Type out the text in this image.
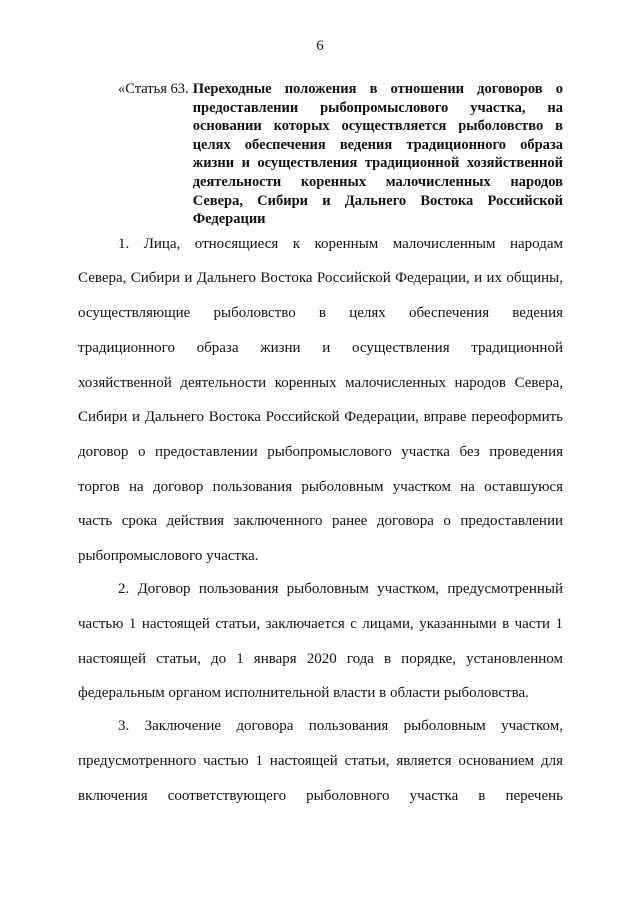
6
«Статья 63. Переходные положения в отношении договоров о предоставлении рыбопромыслового участка, на основании которых осуществляется рыболовство в целях обеспечения ведения традиционного образа жизни и осуществления традиционной хозяйственной деятельности коренных малочисленных народов Севера, Сибири и Дальнего Востока Российской Федерации
1. Лица, относящиеся к коренным малочисленным народам
Севера, Сибири и Дальнего Востока Российской Федерации, и их общины,
осуществляющие рыболовство в целях обеспечения ведения
традиционного образа жизни и осуществления традиционной
хозяйственной деятельности коренных малочисленных народов Севера,
Сибири и Дальнего Востока Российской Федерации, вправе переоформить
договор о предоставлении рыбопромыслового участка без проведения
торгов на договор пользования рыболовным участком на оставшуюся
часть срока действия заключенного ранее договора о предоставлении
рыбопромыслового участка.
2. Договор пользования рыболовным участком, предусмотренный
частью 1 настоящей статьи, заключается с лицами, указанными в части 1
настоящей статьи, до 1 января 2020 года в порядке, установленном
федеральным органом исполнительной власти в области рыболовства.
3. Заключение договора пользования рыболовным участком,
предусмотренного частью 1 настоящей статьи, является основанием для
включения соответствующего рыболовного участка в перечень
